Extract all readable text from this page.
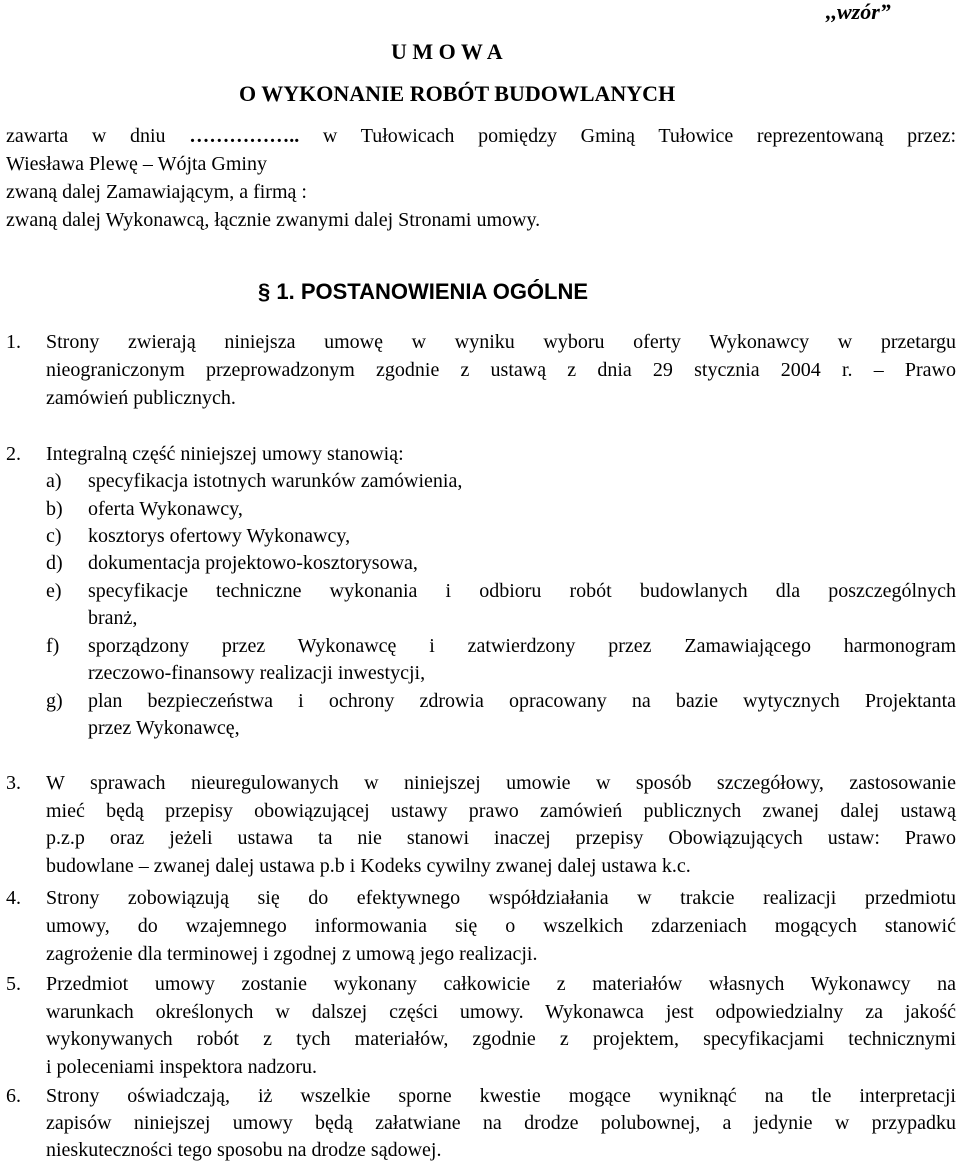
,,wzór”
U M O W A
O WYKONANIE ROBÓT BUDOWLANYCH
zawarta w dniu …………….. w Tułowicach pomiędzy Gminą Tułowice reprezentowaną przez:
Wiesława Plewę – Wójta Gminy
zwaną dalej Zamawiającym, a firmą :
zwaną dalej Wykonawcą, łącznie zwanymi dalej Stronami umowy.
§ 1. POSTANOWIENIA OGÓLNE
1. Strony zwierają niniejsza umowę w wyniku wyboru oferty Wykonawcy w przetargu
nieograniczonym przeprowadzonym zgodnie z ustawą z dnia 29 stycznia 2004 r. – Prawo
zamówień publicznych.
2. Integralną część niniejszej umowy stanowią:
a) specyfikacja istotnych warunków zamówienia,
b) oferta Wykonawcy,
c) kosztorys ofertowy Wykonawcy,
d) dokumentacja projektowo-kosztorysowa,
e) specyfikacje techniczne wykonania i odbioru robót budowlanych dla poszczególnych
branż,
f) sporządzony przez Wykonawcę i zatwierdzony przez Zamawiającego harmonogram
rzeczowo-finansowy realizacji inwestycji,
g) plan bezpieczeństwa i ochrony zdrowia opracowany na bazie wytycznych Projektanta
przez Wykonawcę,
3. W sprawach nieuregulowanych w niniejszej umowie w sposób szczegółowy, zastosowanie
mieć będą przepisy obowiązującej ustawy prawo zamówień publicznych zwanej dalej ustawą
p.z.p oraz jeżeli ustawa ta nie stanowi inaczej przepisy Obowiązujących ustaw: Prawo
budowlane – zwanej dalej ustawa p.b i Kodeks cywilny zwanej dalej ustawa k.c.
4. Strony zobowiązują się do efektywnego współdziałania w trakcie realizacji przedmiotu
umowy, do wzajemnego informowania się o wszelkich zdarzeniach mogących stanowić
zagrożenie dla terminowej i zgodnej z umową jego realizacji.
5. Przedmiot umowy zostanie wykonany całkowicie z materiałów własnych Wykonawcy na
warunkach określonych w dalszej części umowy. Wykonawca jest odpowiedzialny za jakość
wykonywanych robót z tych materiałów, zgodnie z projektem, specyfikacjami technicznymi
i poleceniami inspektora nadzoru.
6. Strony oświadczają, iż wszelkie sporne kwestie mogące wyniknąć na tle interpretacji
zapisów niniejszej umowy będą załatwiane na drodze polubownej, a jedynie w przypadku
nieskuteczności tego sposobu na drodze sądowej.
